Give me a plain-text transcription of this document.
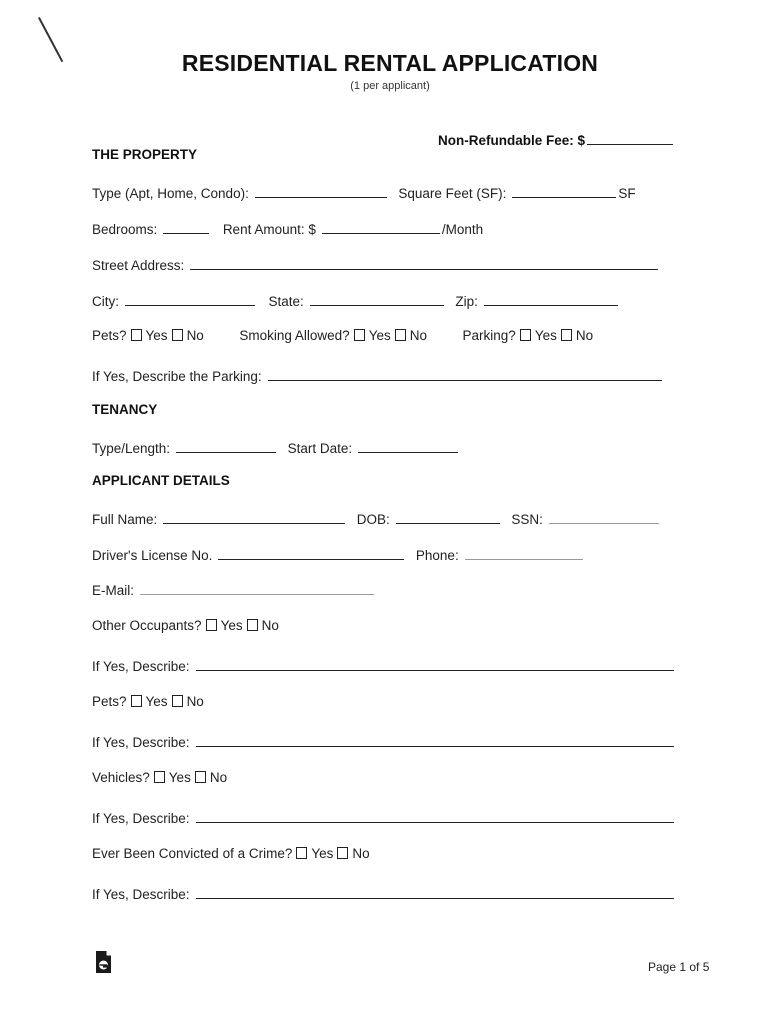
RESIDENTIAL RENTAL APPLICATION
(1 per applicant)
Non-Refundable Fee: $
THE PROPERTY
Type (Apt, Home, Condo):	Square Feet (SF):	SF
Bedrooms:	Rent Amount: $	/Month
Street Address:
City:	State:	Zip:
Pets? Yes No	Smoking Allowed? Yes No	Parking? Yes No
If Yes, Describe the Parking:
TENANCY
Type/Length:	Start Date:
APPLICANT DETAILS
Full Name:	DOB:	SSN:
Driver's License No.	Phone:
E-Mail:
Other Occupants? Yes No
If Yes, Describe:
Pets? Yes No
If Yes, Describe:
Vehicles? Yes No
If Yes, Describe:
Ever Been Convicted of a Crime? Yes No
If Yes, Describe:
Page 1 of 5
